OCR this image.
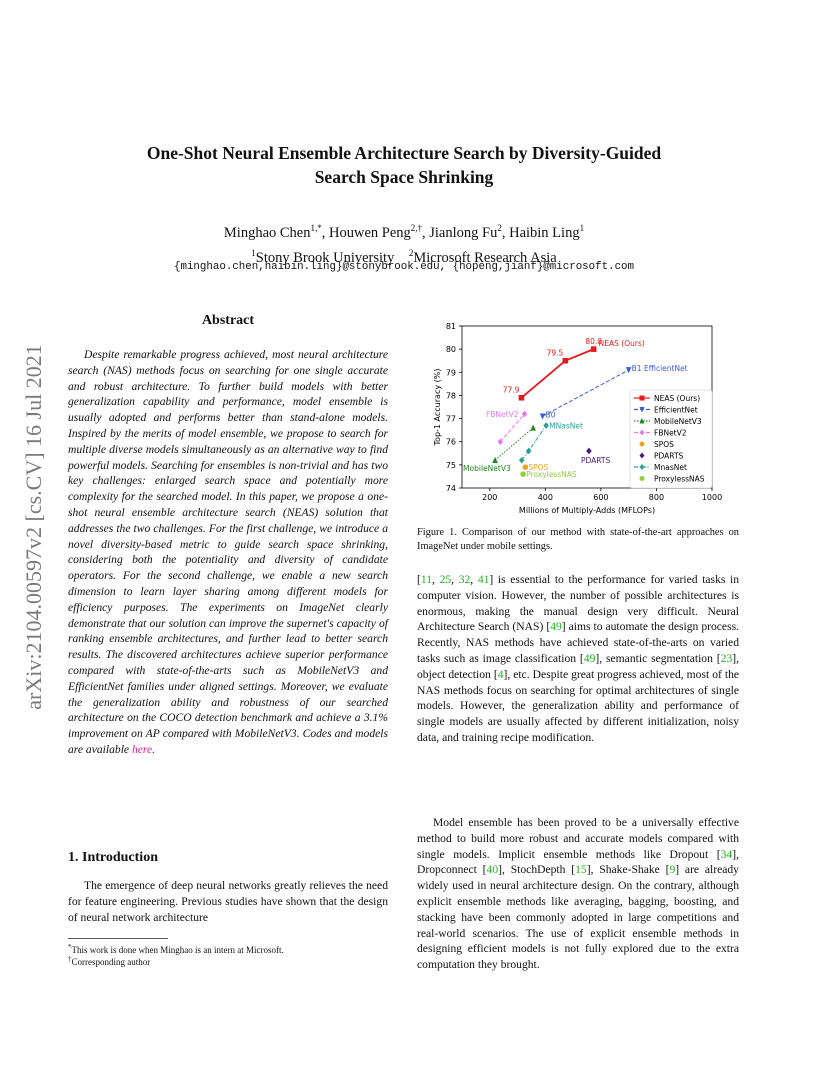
One-Shot Neural Ensemble Architecture Search by Diversity-Guided
Search Space Shrinking
Minghao Chen$^{1,*}$, Houwen Peng$^{2,\dagger}$, Jianlong Fu$^2$, Haibin Ling$^1$
$^1$Stony Brook University $^2$Microsoft Research Asia
{minghao.chen,haibin.ling}@stonybrook.edu, {hopeng,jianf}@microsoft.com
arXiv:2104.00597v2 [cs.CV] 16 Jul 2021
Abstract

Despite remarkable progress achieved, most neural architecture search (NAS) methods focus on searching for one single accurate and robust architecture. To further build models with better generalization capability and performance, model ensemble is usually adopted and performs better than stand-alone models. Inspired by the merits of model ensemble, we propose to search for multiple diverse models simultaneously as an alternative way to find powerful models. Searching for ensembles is non-trivial and has two key challenges: enlarged search space and potentially more complexity for the searched model. In this paper, we propose a one-shot neural ensemble architecture search (NEAS) solution that addresses the two challenges. For the first challenge, we introduce a novel diversity-based metric to guide search space shrinking, considering both the potentiality and diversity of candidate operators. For the second challenge, we enable a new search dimension to learn layer sharing among different models for efficiency purposes. The experiments on ImageNet clearly demonstrate that our solution can improve the supernet's capacity of ranking ensemble architectures, and further lead to better search results. The discovered architectures achieve superior performance compared with state-of-the-arts such as MobileNetV3 and EfficientNet families under aligned settings. Moreover, we evaluate the generalization ability and robustness of our searched architecture on the COCO detection benchmark and achieve a 3.1% improvement on AP compared with MobileNetV3. Codes and models are available here.

1. Introduction

The emergence of deep neural networks greatly relieves the need for feature engineering. Previous studies have shown that the design of neural network architecture

*This work is done when Minghao is an intern at Microsoft.
†Corresponding author
74
75
76
77
78
79
80
81
200	400	600	800	1000
Millions of Multiply-Adds (MFLOPs)
Top-1 Accuracy (%)	77.9
79.5
80.0
NEAS (Ours)
B0
B1 EfficientNet
MobileNetV3
FBNetV2
SPOS
PDARTS
MNasNet
ProxylessNAS
NEAS (Ours)
EfficientNet
MobileNetV3
FBNetV2
SPOS
PDARTS
MnasNet
ProxylessNAS

Figure 1. Comparison of our method with state-of-the-art approaches on ImageNet under mobile settings.

[11, 25, 32, 41] is essential to the performance for varied tasks in computer vision. However, the number of possible architectures is enormous, making the manual design very difficult. Neural Architecture Search (NAS) [49] aims to automate the design process. Recently, NAS methods have achieved state-of-the-arts on varied tasks such as image classification [49], semantic segmentation [23], object detection [4], etc. Despite great progress achieved, most of the NAS methods focus on searching for optimal architectures of single models. However, the generalization ability and performance of single models are usually affected by different initialization, noisy data, and training recipe modification.

Model ensemble has been proved to be a universally effective method to build more robust and accurate models compared with single models. Implicit ensemble methods like Dropout [34], Dropconnect [40], StochDepth [15], Shake-Shake [9] are already widely used in neural architecture design. On the contrary, although explicit ensemble methods like averaging, bagging, boosting, and stacking have been commonly adopted in large competitions and real-world scenarios. The use of explicit ensemble methods in designing efficient models is not fully explored due to the extra computation they brought.
